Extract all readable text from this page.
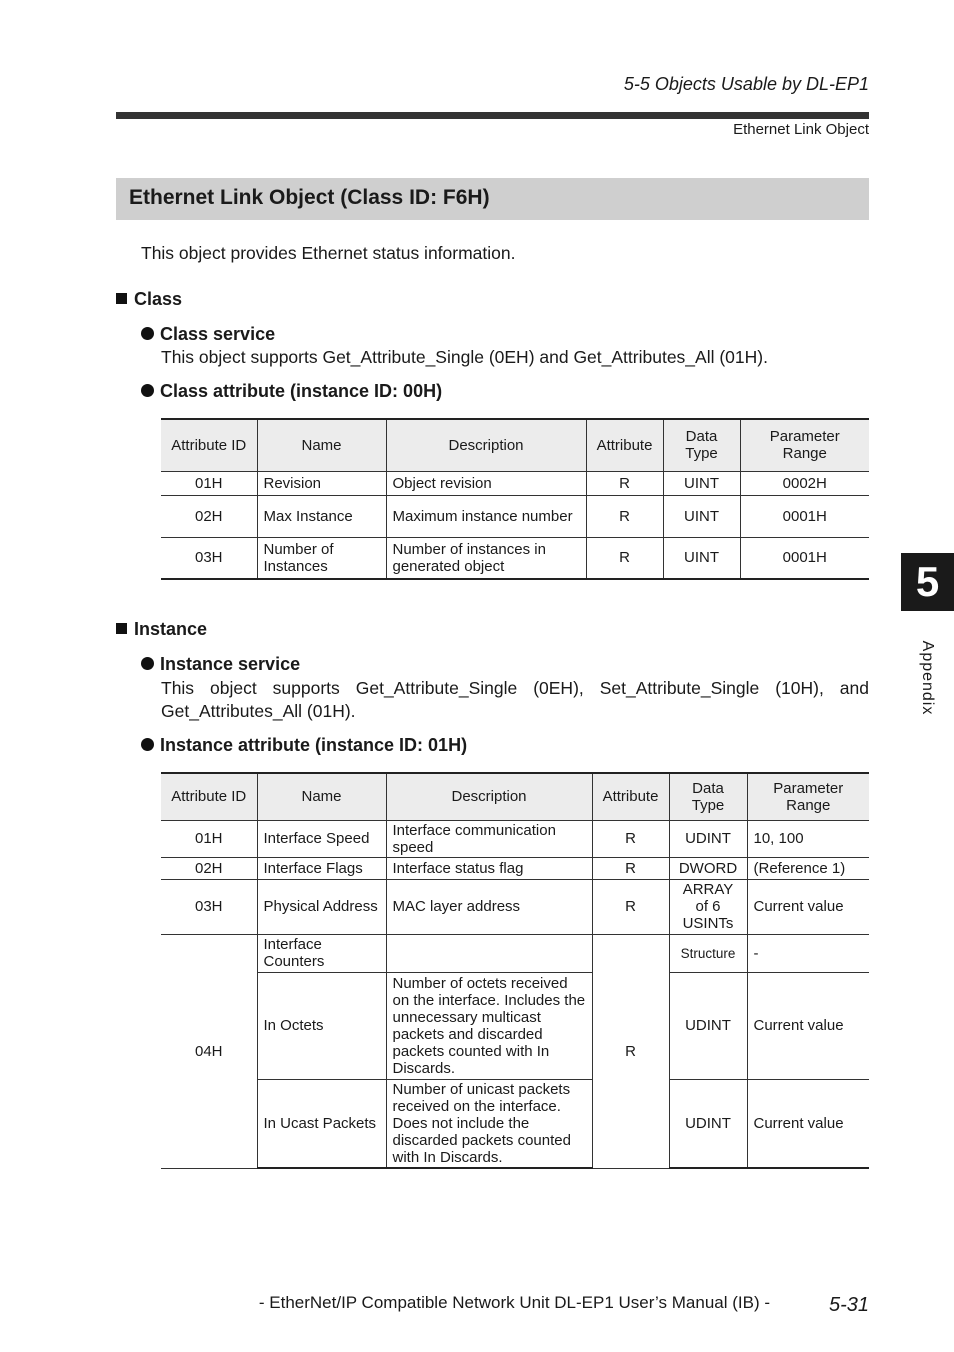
5-5 Objects Usable by DL-EP1
Ethernet Link Object
Ethernet Link Object (Class ID: F6H)
This object provides Ethernet status information.
Class
Class service
This object supports Get_Attribute_Single (0EH) and Get_Attributes_All (01H).
Class attribute (instance ID: 00H)
Attribute ID	Name	Description	Attribute	Data Type	Parameter Range
01H	Revision	Object revision	R	UINT	0002H
02H	Max Instance	Maximum instance number	R	UINT	0001H
03H	Number of Instances	Number of instances in generated object	R	UINT	0001H
Instance
Instance service
This object supports Get_Attribute_Single (0EH), Set_Attribute_Single (10H), and Get_Attributes_All (01H).
Instance attribute (instance ID: 01H)
Attribute ID	Name	Description	Attribute	Data Type	Parameter Range
01H	Interface Speed	Interface communication speed	R	UDINT	10, 100
02H	Interface Flags	Interface status flag	R	DWORD	(Reference 1)
03H	Physical Address	MAC layer address	R	ARRAY of 6 USINTs	Current value
04H	Interface Counters		R	Structure	-
	In Octets	Number of octets received on the interface. Includes the unnecessary multicast packets and discarded packets counted with In Discards.		UDINT	Current value
	In Ucast Packets	Number of unicast packets received on the interface. Does not include the discarded packets counted with In Discards.		UDINT	Current value
5
Appendix
- EtherNet/IP Compatible Network Unit DL-EP1 User’s Manual (IB) -	5-31
